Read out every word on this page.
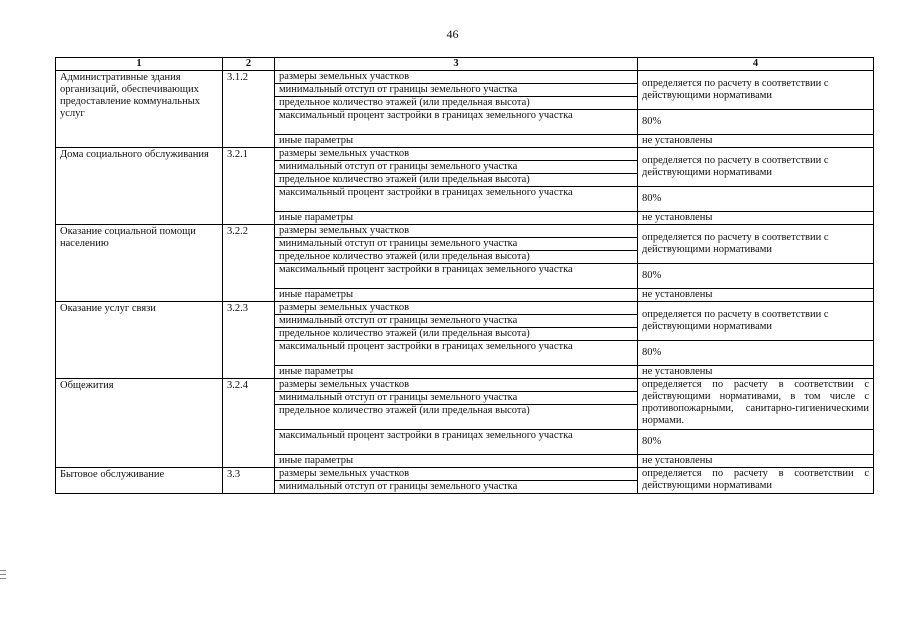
46
1	2	3	4
Административные здания организаций, обеспечивающих предоставление коммунальных услуг	3.1.2	размеры земельных участков	определяется по расчету в соответствии с действующими нормативами
		минимальный отступ от границы земельного участка	
		предельное количество этажей (или предельная высота)	
		максимальный процент застройки в границах земельного участка	80%
		иные параметры	не установлены
Дома социального обслуживания	3.2.1	размеры земельных участков	определяется по расчету в соответствии с действующими нормативами
		минимальный отступ от границы земельного участка	
		предельное количество этажей (или предельная высота)	
		максимальный процент застройки в границах земельного участка	80%
		иные параметры	не установлены
Оказание социальной помощи населению	3.2.2	размеры земельных участков	определяется по расчету в соответствии с действующими нормативами
		минимальный отступ от границы земельного участка	
		предельное количество этажей (или предельная высота)	
		максимальный процент застройки в границах земельного участка	80%
		иные параметры	не установлены
Оказание услуг связи	3.2.3	размеры земельных участков	определяется по расчету в соответствии с действующими нормативами
		минимальный отступ от границы земельного участка	
		предельное количество этажей (или предельная высота)	
		максимальный процент застройки в границах земельного участка	80%
		иные параметры	не установлены
Общежития	3.2.4	размеры земельных участков	определяется по расчету в соответствии с действующими нормативами, в том числе с противопожарными, санитарно-гигиеническими нормами.
		минимальный отступ от границы земельного участка	
		предельное количество этажей (или предельная высота)	
		максимальный процент застройки в границах земельного участка	80%
		иные параметры	не установлены
Бытовое обслуживание	3.3	размеры земельных участков	определяется по расчету в соответствии с действующими нормативами
		минимальный отступ от границы земельного участка	
